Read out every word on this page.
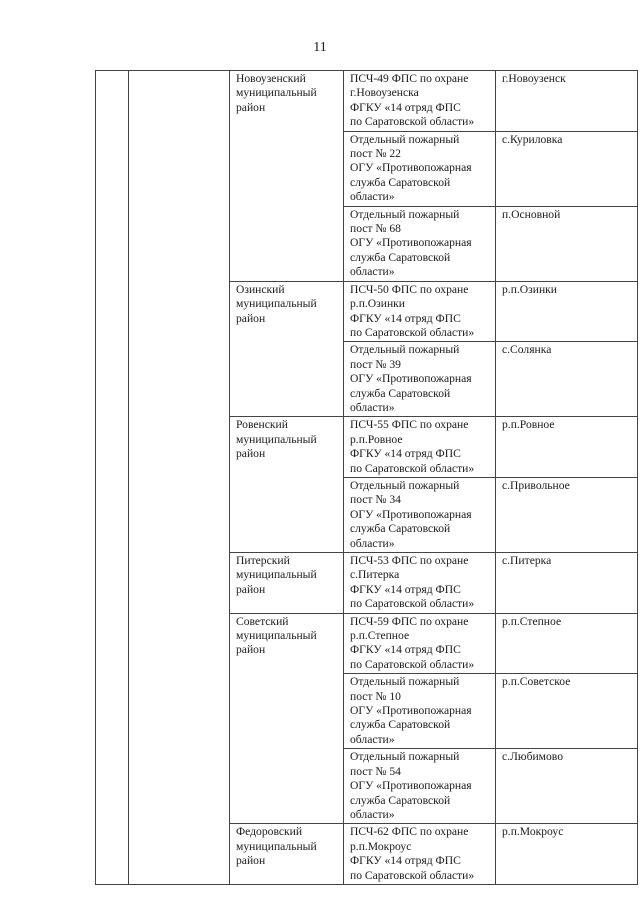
11
		Новоузенский
муниципальный
район	ПСЧ-49 ФПС по охране
г.Новоузенска
ФГКУ «14 отряд ФПС
по Саратовской области»	г.Новоузенск
			Отдельный пожарный
пост № 22
ОГУ «Противопожарная
служба Саратовской
области»	с.Куриловка
			Отдельный пожарный
пост № 68
ОГУ «Противопожарная
служба Саратовской
области»	п.Основной
		Озинский
муниципальный
район	ПСЧ-50 ФПС по охране
р.п.Озинки
ФГКУ «14 отряд ФПС
по Саратовской области»	р.п.Озинки
			Отдельный пожарный
пост № 39
ОГУ «Противопожарная
служба Саратовской
области»	с.Солянка
		Ровенский
муниципальный
район	ПСЧ-55 ФПС по охране
р.п.Ровное
ФГКУ «14 отряд ФПС
по Саратовской области»	р.п.Ровное
			Отдельный пожарный
пост № 34
ОГУ «Противопожарная
служба Саратовской
области»	с.Привольное
		Питерский
муниципальный
район	ПСЧ-53 ФПС по охране
с.Питерка
ФГКУ «14 отряд ФПС
по Саратовской области»	с.Питерка
		Советский
муниципальный
район	ПСЧ-59 ФПС по охране
р.п.Степное
ФГКУ «14 отряд ФПС
по Саратовской области»	р.п.Степное
			Отдельный пожарный
пост № 10
ОГУ «Противопожарная
служба Саратовской
области»	р.п.Советское
			Отдельный пожарный
пост № 54
ОГУ «Противопожарная
служба Саратовской
области»	с.Любимово
		Федоровский
муниципальный
район	ПСЧ-62 ФПС по охране
р.п.Мокроус
ФГКУ «14 отряд ФПС
по Саратовской области»	р.п.Мокроус
